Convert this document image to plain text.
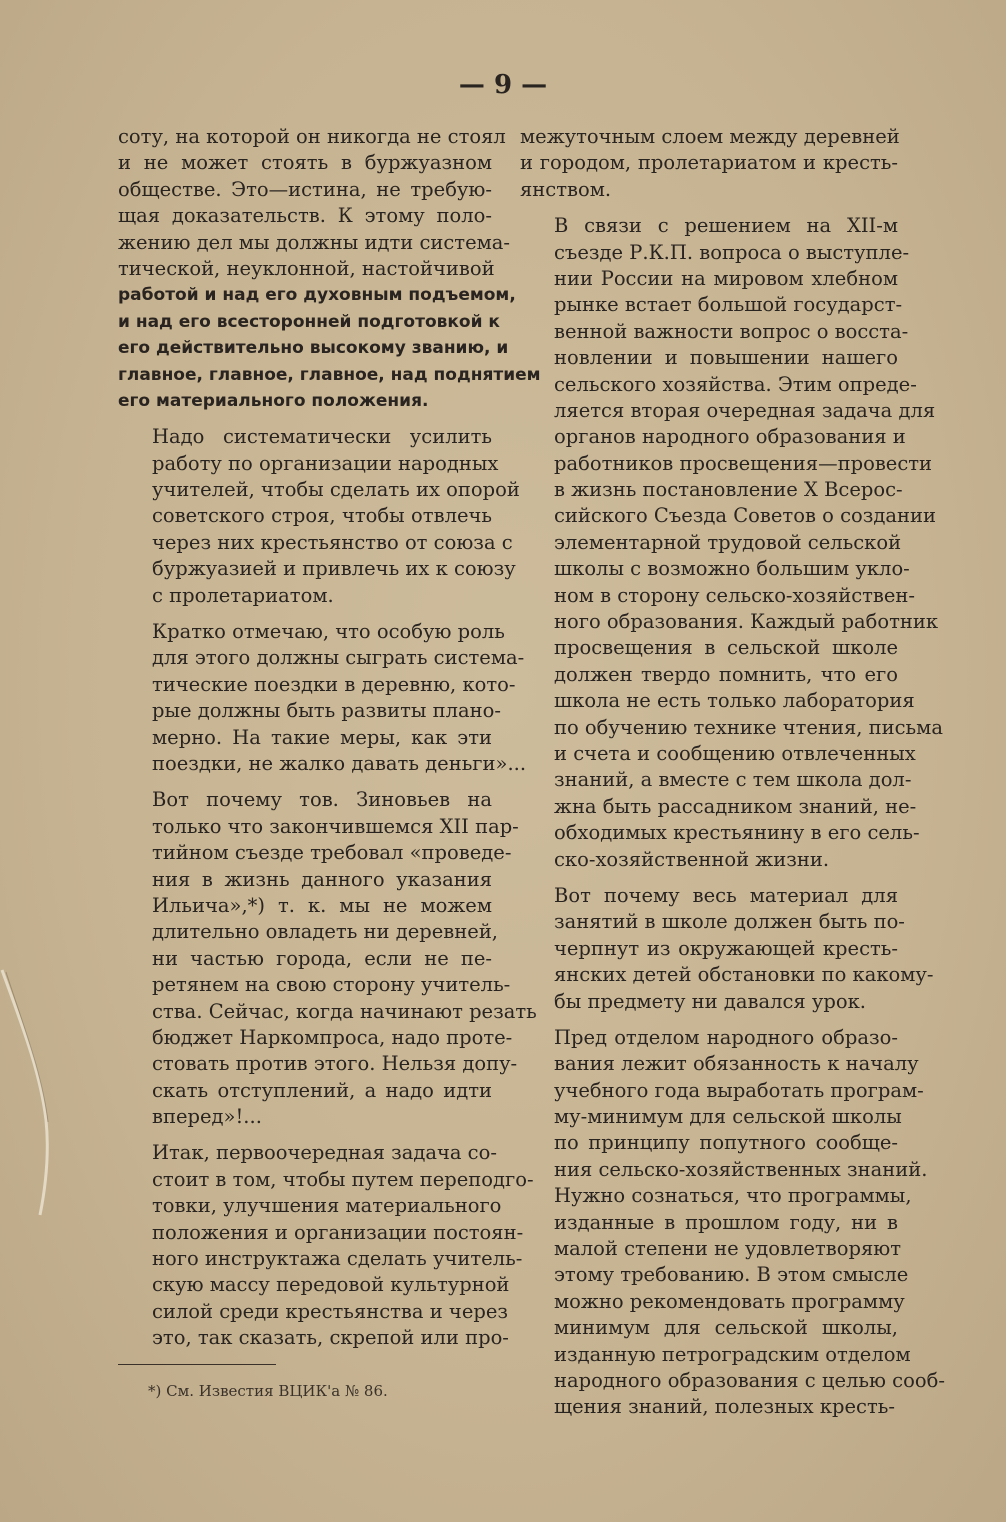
— 9 —

соту, на которой он никогда не стоял
и не может стоять в буржуазном
обществе. Это—истина, не требую-
щая доказательств. К этому поло-
жению дел мы должны идти система-
тической, неуклонной, настойчивой
работой и над его духовным подъемом,
и над его всесторонней подготовкой к
его действительно высокому званию, и
главное, главное, главное, над поднятием
его материального положения.

Надо систематически усилить
работу по организации народных
учителей, чтобы сделать их опорой
советского строя, чтобы отвлечь
через них крестьянство от союза с
буржуазией и привлечь их к союзу
с пролетариатом.

Кратко отмечаю, что особую роль
для этого должны сыграть система-
тические поездки в деревню, кото-
рые должны быть развиты плано-
мерно. На такие меры, как эти
поездки, не жалко давать деньги»...

Вот почему тов. Зиновьев на
только что закончившемся XII пар-
тийном съезде требовал «проведе-
ния в жизнь данного указания
Ильича»,*) т. к. мы не можем
длительно овладеть ни деревней,
ни частью города, если не пе-
ретянем на свою сторону учитель-
ства. Сейчас, когда начинают резать
бюджет Наркомпроса, надо проте-
стовать против этого. Нельзя допу-
скать отступлений, а надо идти
вперед»!...

Итак, первоочередная задача со-
стоит в том, чтобы путем переподго-
товки, улучшения материального
положения и организации постоян-
ного инструктажа сделать учитель-
скую массу передовой культурной
силой среди крестьянства и через
это, так сказать, скрепой или про-

межуточным слоем между деревней
и городом, пролетариатом и кресть-
янством.

В связи с решением на XII-м
съезде Р.К.П. вопроса о выступле-
нии России на мировом хлебном
рынке встает большой государст-
венной важности вопрос о восста-
новлении и повышении нашего
сельского хозяйства. Этим опреде-
ляется вторая очередная задача для
органов народного образования и
работников просвещения—провести
в жизнь постановление X Всерос-
сийского Съезда Советов о создании
элементарной трудовой сельской
школы с возможно большим укло-
ном в сторону сельско-хозяйствен-
ного образования. Каждый работник
просвещения в сельской школе
должен твердо помнить, что его
школа не есть только лаборатория
по обучению технике чтения, письма
и счета и сообщению отвлеченных
знаний, а вместе с тем школа дол-
жна быть рассадником знаний, не-
обходимых крестьянину в его сель-
ско-хозяйственной жизни.

Вот почему весь материал для
занятий в школе должен быть по-
черпнут из окружающей кресть-
янских детей обстановки по какому-
бы предмету ни давался урок.

Пред отделом народного образо-
вания лежит обязанность к началу
учебного года выработать програм-
му-минимум для сельской школы
по принципу попутного сообще-
ния сельско-хозяйственных знаний.
Нужно сознаться, что программы,
изданные в прошлом году, ни в
малой степени не удовлетворяют
этому требованию. В этом смысле
можно рекомендовать программу
минимум для сельской школы,
изданную петроградским отделом
народного образования с целью сооб-
щения знаний, полезных кресть-

*) См. Известия ВЦИК'а № 86.
